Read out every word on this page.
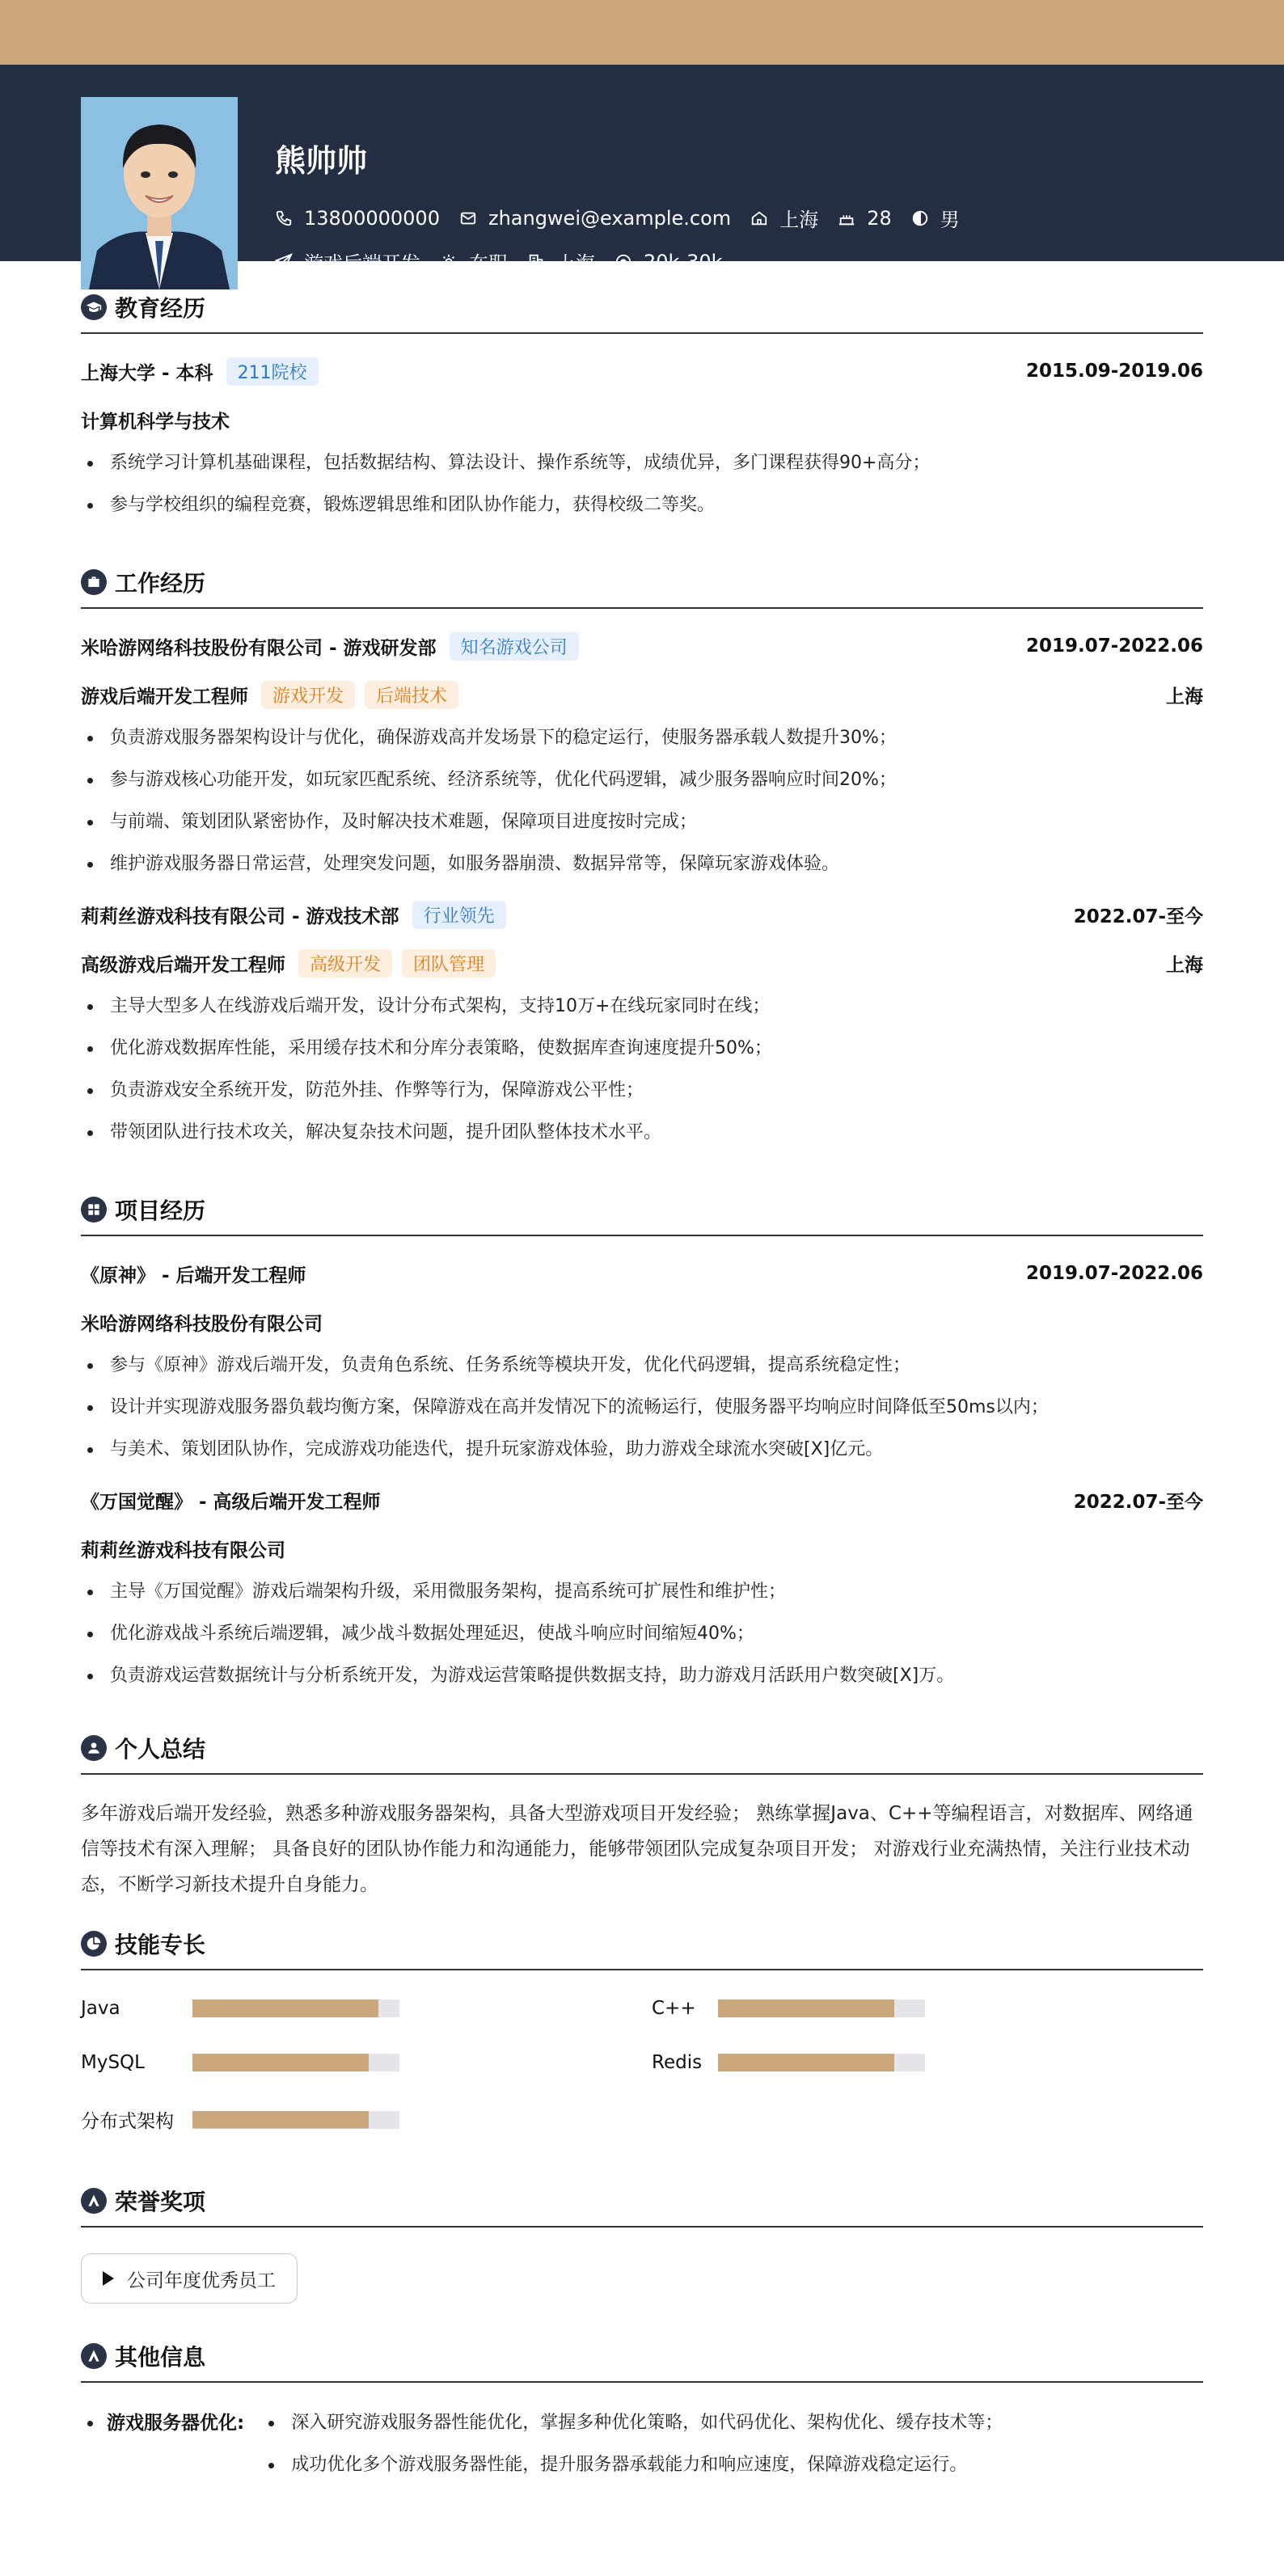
熊帅帅
13800000000	zhangwei@example.com	上海	28	男
游戏后端开发	在职	上海	20k-30k
教育经历
上海大学 - 本科	211院校	2015.09-2019.06
计算机科学与技术
系统学习计算机基础课程，包括数据结构、算法设计、操作系统等，成绩优异，多门课程获得90+高分；
参与学校组织的编程竞赛，锻炼逻辑思维和团队协作能力，获得校级二等奖。
工作经历
米哈游网络科技股份有限公司 - 游戏研发部	知名游戏公司	2019.07-2022.06
游戏后端开发工程师	游戏开发	后端技术	上海
负责游戏服务器架构设计与优化，确保游戏高并发场景下的稳定运行，使服务器承载人数提升30%；
参与游戏核心功能开发，如玩家匹配系统、经济系统等，优化代码逻辑，减少服务器响应时间20%；
与前端、策划团队紧密协作，及时解决技术难题，保障项目进度按时完成；
维护游戏服务器日常运营，处理突发问题，如服务器崩溃、数据异常等，保障玩家游戏体验。
莉莉丝游戏科技有限公司 - 游戏技术部	行业领先	2022.07-至今
高级游戏后端开发工程师	高级开发	团队管理	上海
主导大型多人在线游戏后端开发，设计分布式架构，支持10万+在线玩家同时在线；
优化游戏数据库性能，采用缓存技术和分库分表策略，使数据库查询速度提升50%；
负责游戏安全系统开发，防范外挂、作弊等行为，保障游戏公平性；
带领团队进行技术攻关，解决复杂技术问题，提升团队整体技术水平。
项目经历
《原神》 - 后端开发工程师	2019.07-2022.06
米哈游网络科技股份有限公司
参与《原神》游戏后端开发，负责角色系统、任务系统等模块开发，优化代码逻辑，提高系统稳定性；
设计并实现游戏服务器负载均衡方案，保障游戏在高并发情况下的流畅运行，使服务器平均响应时间降低至50ms以内；
与美术、策划团队协作，完成游戏功能迭代，提升玩家游戏体验，助力游戏全球流水突破[X]亿元。
《万国觉醒》 - 高级后端开发工程师	2022.07-至今
莉莉丝游戏科技有限公司
主导《万国觉醒》游戏后端架构升级，采用微服务架构，提高系统可扩展性和维护性；
优化游戏战斗系统后端逻辑，减少战斗数据处理延迟，使战斗响应时间缩短40%；
负责游戏运营数据统计与分析系统开发，为游戏运营策略提供数据支持，助力游戏月活跃用户数突破[X]万。
个人总结

多年游戏后端开发经验，熟悉多种游戏服务器架构，具备大型游戏项目开发经验； 熟练掌握Java、C++等编程语言，对数据库、网络通信等技术有深入理解； 具备良好的团队协作能力和沟通能力，能够带领团队完成复杂项目开发； 对游戏行业充满热情，关注行业技术动态，不断学习新技术提升自身能力。

技能专长
Java	C++
MySQL	Redis
分布式架构
荣誉奖项
公司年度优秀员工
其他信息
游戏服务器优化:	深入研究游戏服务器性能优化，掌握多种优化策略，如代码优化、架构优化、缓存技术等；
成功优化多个游戏服务器性能，提升服务器承载能力和响应速度，保障游戏稳定运行。
